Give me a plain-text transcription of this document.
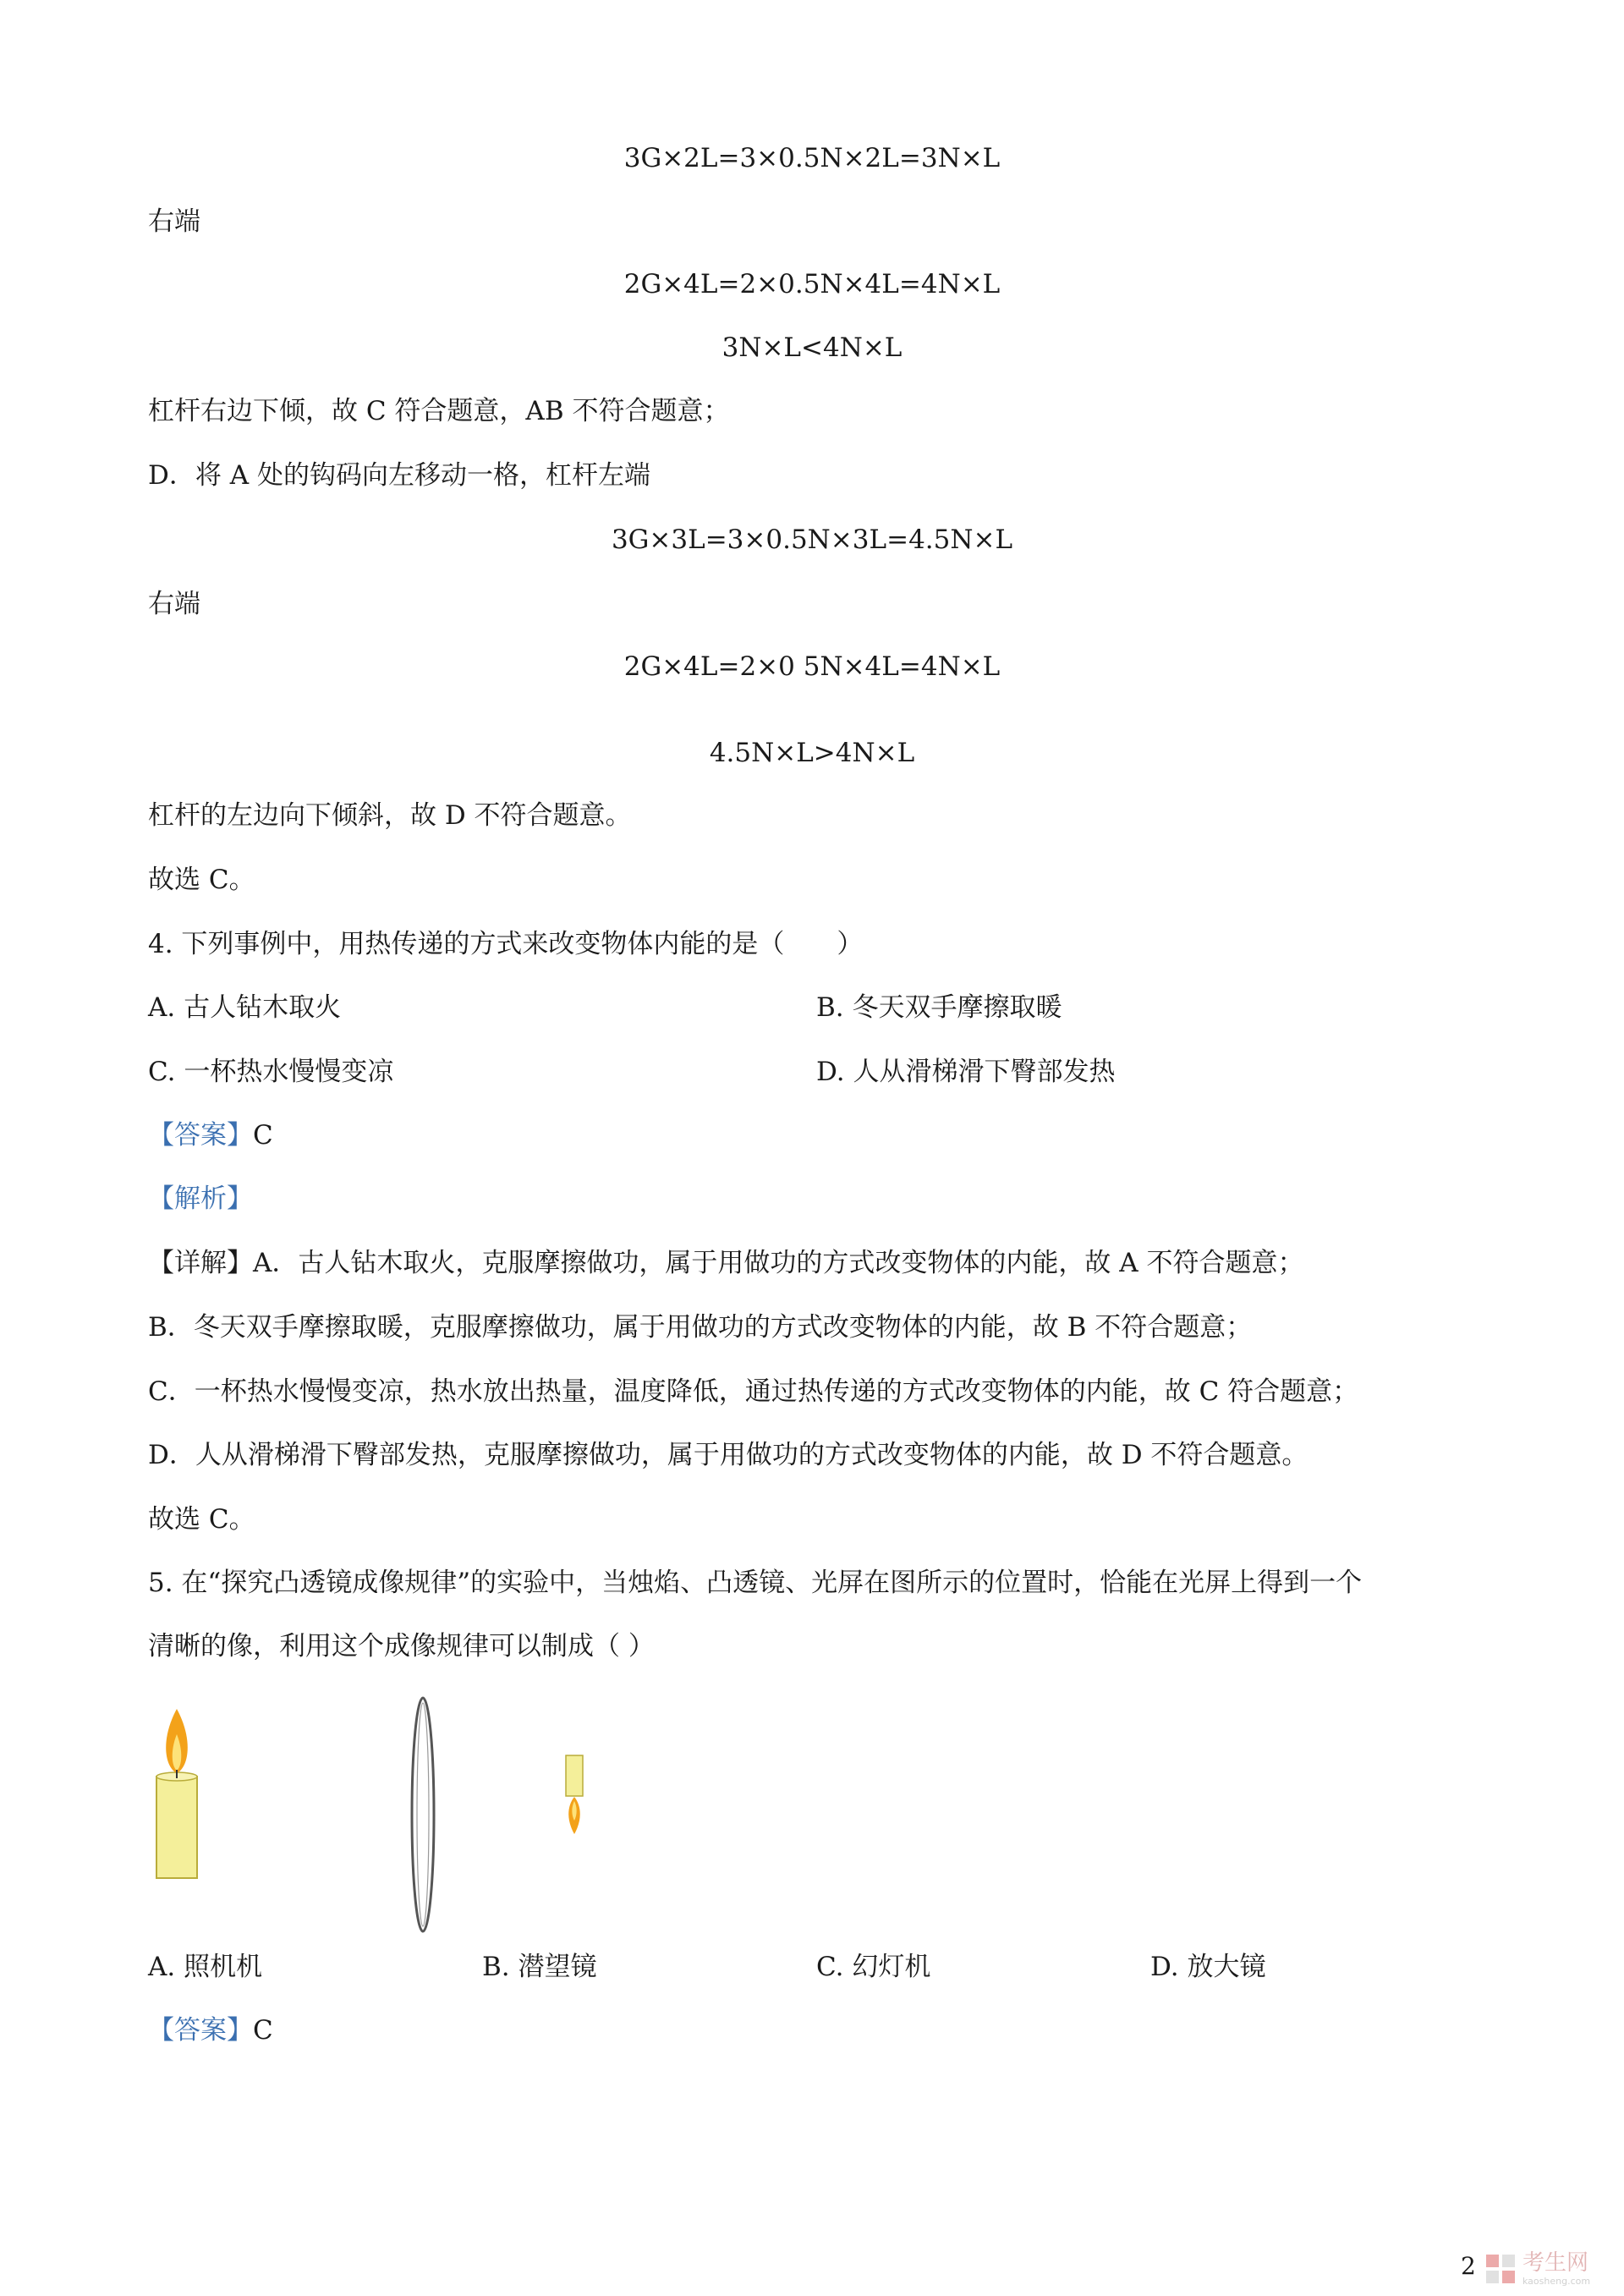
3G×2L=3×0.5N×2L=3N×L
右端
2G×4L=2×0.5N×4L=4N×L
3N×L<4N×L
杠杆右边下倾，故 C 符合题意，AB 不符合题意；
D．将 A 处的钩码向左移动一格，杠杆左端
3G×3L=3×0.5N×3L=4.5N×L
右端
2G×4L=2×0 5N×4L=4N×L
4.5N×L>4N×L
杠杆的左边向下倾斜，故 D 不符合题意。
故选 C。
4. 下列事例中，用热传递的方式来改变物体内能的是（　　）
A. 古人钻木取火	B. 冬天双手摩擦取暖
C. 一杯热水慢慢变凉	D. 人从滑梯滑下臀部发热
【答案】C
【解析】
【详解】A．古人钻木取火，克服摩擦做功，属于用做功的方式改变物体的内能，故 A 不符合题意；
B．冬天双手摩擦取暖，克服摩擦做功，属于用做功的方式改变物体的内能，故 B 不符合题意；
C．一杯热水慢慢变凉，热水放出热量，温度降低，通过热传递的方式改变物体的内能，故 C 符合题意；
D．人从滑梯滑下臀部发热，克服摩擦做功，属于用做功的方式改变物体的内能，故 D 不符合题意。
故选 C。
5. 在“探究凸透镜成像规律”的实验中，当烛焰、凸透镜、光屏在图所示的位置时，恰能在光屏上得到一个
清晰的像，利用这个成像规律可以制成（ ）
A. 照机机	B. 潜望镜	C. 幻灯机	D. 放大镜
【答案】C
2 考生网
kaosheng.com
